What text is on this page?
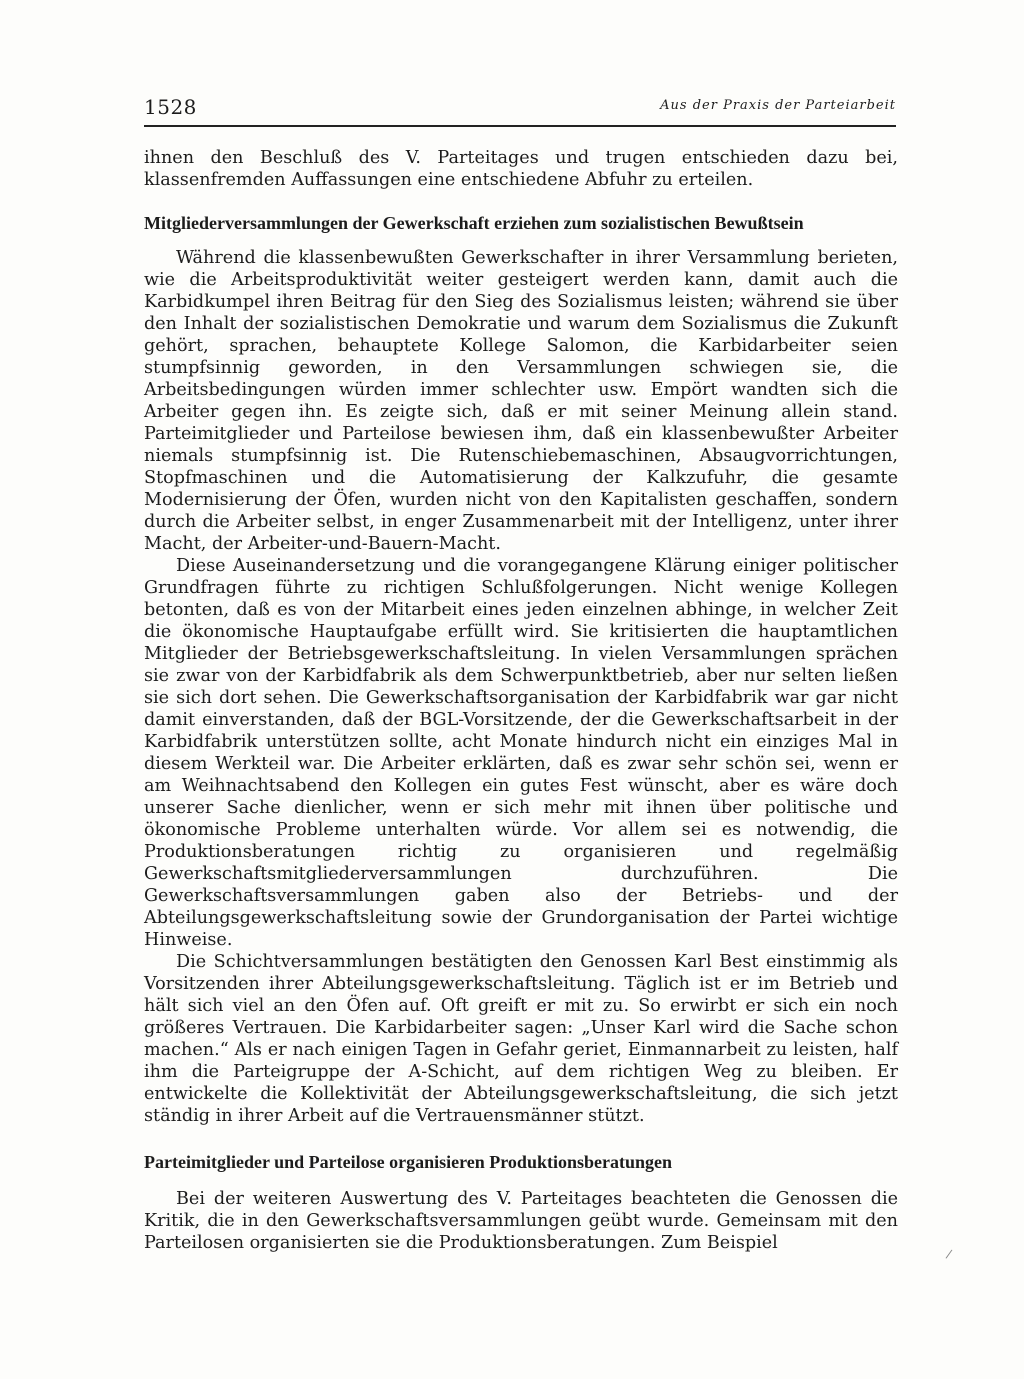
1528	Aus der Praxis der Parteiarbeit

ihnen den Beschluß des V. Parteitages und trugen entschieden dazu bei, klassenfremden Auffassungen eine entschiedene Abfuhr zu erteilen.

Mitgliederversammlungen der Gewerkschaft erziehen zum sozialistischen Bewußtsein

Während die klassenbewußten Gewerkschafter in ihrer Versammlung berieten, wie die Arbeitsproduktivität weiter gesteigert werden kann, damit auch die Karbidkumpel ihren Beitrag für den Sieg des Sozialismus leisten; während sie über den Inhalt der sozialistischen Demokratie und warum dem Sozialismus die Zukunft gehört, sprachen, behauptete Kollege Salomon, die Karbidarbeiter seien stumpfsinnig geworden, in den Versammlungen schwiegen sie, die Arbeitsbedingungen würden immer schlechter usw. Empört wandten sich die Arbeiter gegen ihn. Es zeigte sich, daß er mit seiner Meinung allein stand. Parteimitglieder und Parteilose bewiesen ihm, daß ein klassenbewußter Arbeiter niemals stumpfsinnig ist. Die Rutenschiebemaschinen, Absaugvorrichtungen, Stopfmaschinen und die Automatisierung der Kalkzufuhr, die gesamte Modernisierung der Öfen, wurden nicht von den Kapitalisten geschaffen, sondern durch die Arbeiter selbst, in enger Zusammenarbeit mit der Intelligenz, unter ihrer Macht, der Arbeiter-und-Bauern-Macht.

Diese Auseinandersetzung und die vorangegangene Klärung einiger politischer Grundfragen führte zu richtigen Schlußfolgerungen. Nicht wenige Kollegen betonten, daß es von der Mitarbeit eines jeden einzelnen abhinge, in welcher Zeit die ökonomische Hauptaufgabe erfüllt wird. Sie kritisierten die hauptamtlichen Mitglieder der Betriebsgewerkschaftsleitung. In vielen Versammlungen sprächen sie zwar von der Karbidfabrik als dem Schwerpunktbetrieb, aber nur selten ließen sie sich dort sehen. Die Gewerkschaftsorganisation der Karbidfabrik war gar nicht damit einverstanden, daß der BGL-Vorsitzende, der die Gewerkschaftsarbeit in der Karbidfabrik unterstützen sollte, acht Monate hindurch nicht ein einziges Mal in diesem Werkteil war. Die Arbeiter erklärten, daß es zwar sehr schön sei, wenn er am Weihnachtsabend den Kollegen ein gutes Fest wünscht, aber es wäre doch unserer Sache dienlicher, wenn er sich mehr mit ihnen über politische und ökonomische Probleme unterhalten würde. Vor allem sei es notwendig, die Produktionsberatungen richtig zu organisieren und regelmäßig Gewerkschaftsmitgliederversammlungen durchzuführen. Die Gewerkschaftsversammlungen gaben also der Betriebs- und der Abteilungsgewerkschaftsleitung sowie der Grundorganisation der Partei wichtige Hinweise.

Die Schichtversammlungen bestätigten den Genossen Karl Best einstimmig als Vorsitzenden ihrer Abteilungsgewerkschaftsleitung. Täglich ist er im Betrieb und hält sich viel an den Öfen auf. Oft greift er mit zu. So erwirbt er sich ein noch größeres Vertrauen. Die Karbidarbeiter sagen: „Unser Karl wird die Sache schon machen.“ Als er nach einigen Tagen in Gefahr geriet, Einmannarbeit zu leisten, half ihm die Parteigruppe der A-Schicht, auf dem richtigen Weg zu bleiben. Er entwickelte die Kollektivität der Abteilungsgewerkschaftsleitung, die sich jetzt ständig in ihrer Arbeit auf die Vertrauensmänner stützt.

Parteimitglieder und Parteilose organisieren Produktionsberatungen

Bei der weiteren Auswertung des V. Parteitages beachteten die Genossen die Kritik, die in den Gewerkschaftsversammlungen geübt wurde. Gemeinsam mit den Parteilosen organisierten sie die Produktionsberatungen. Zum Beispiel

/
